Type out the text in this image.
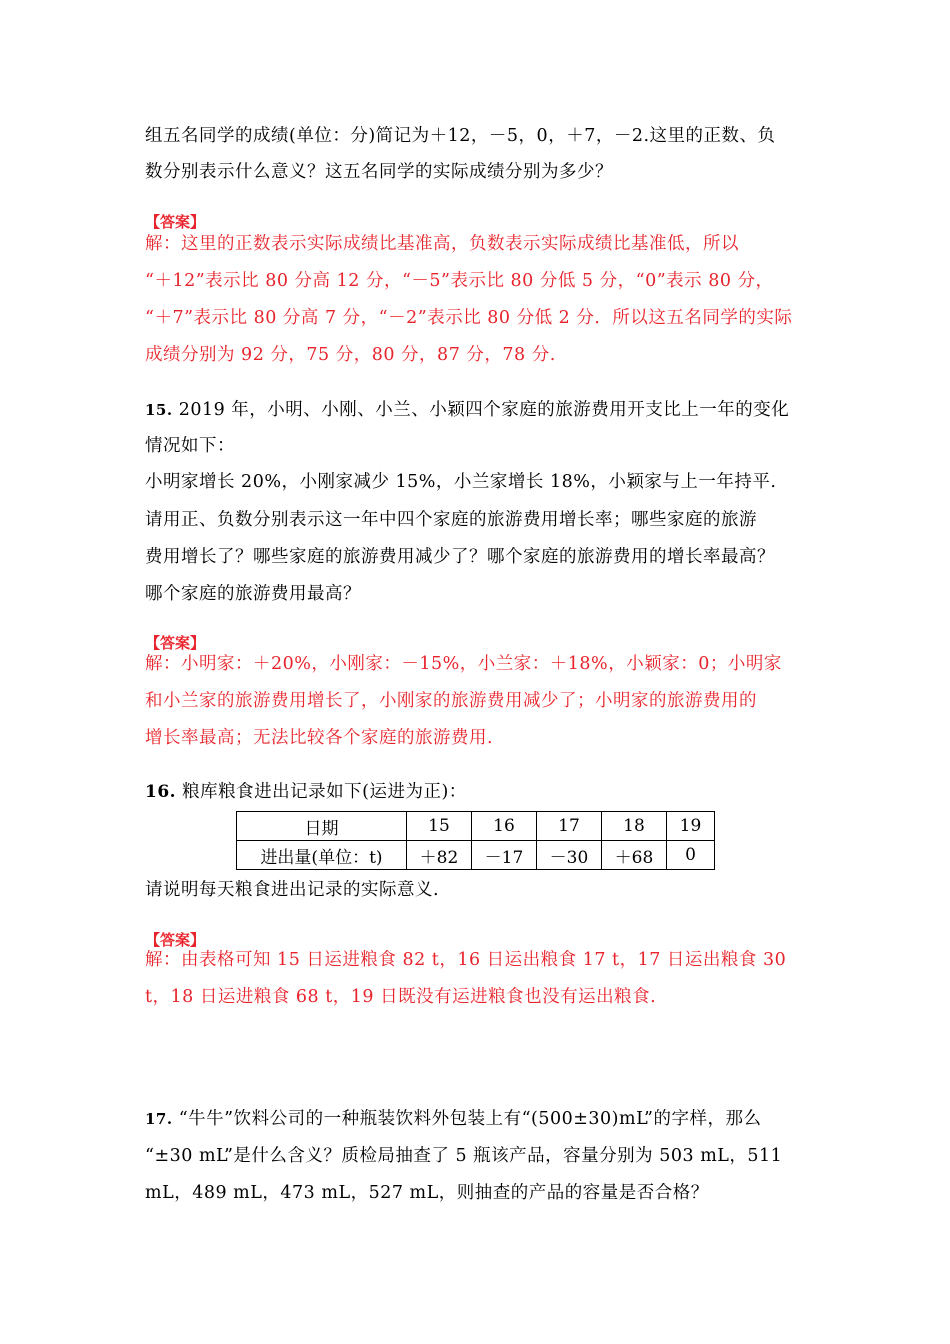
组五名同学的成绩(单位：分)简记为＋12，－5，0，＋7，－2.这里的正数、负
数分别表示什么意义？这五名同学的实际成绩分别为多少？
【答案】
解：这里的正数表示实际成绩比基准高，负数表示实际成绩比基准低，所以
“＋12”表示比 80 分高 12 分，“－5”表示比 80 分低 5 分，“0”表示 80 分，
“＋7”表示比 80 分高 7 分，“－2”表示比 80 分低 2 分．所以这五名同学的实际
成绩分别为 92 分，75 分，80 分，87 分，78 分.
15. 2019 年，小明、小刚、小兰、小颖四个家庭的旅游费用开支比上一年的变化
情况如下：
小明家增长 20%，小刚家减少 15%，小兰家增长 18%，小颖家与上一年持平.
请用正、负数分别表示这一年中四个家庭的旅游费用增长率；哪些家庭的旅游
费用增长了？哪些家庭的旅游费用减少了？哪个家庭的旅游费用的增长率最高？
哪个家庭的旅游费用最高？
【答案】
解：小明家：＋20%，小刚家：－15%，小兰家：＋18%，小颖家：0；小明家
和小兰家的旅游费用增长了，小刚家的旅游费用减少了；小明家的旅游费用的
增长率最高；无法比较各个家庭的旅游费用.
16. 粮库粮食进出记录如下(运进为正)：
日期	15	16	17	18	19
进出量(单位：t)	＋82	－17	－30	＋68	0
请说明每天粮食进出记录的实际意义.
【答案】
解：由表格可知 15 日运进粮食 82 t，16 日运出粮食 17 t，17 日运出粮食 30
t，18 日运进粮食 68 t，19 日既没有运进粮食也没有运出粮食.
17. “牛牛”饮料公司的一种瓶装饮料外包装上有“(500±30)mL”的字样，那么
“±30 mL”是什么含义？质检局抽查了 5 瓶该产品，容量分别为 503 mL，511
mL，489 mL，473 mL，527 mL，则抽查的产品的容量是否合格？
